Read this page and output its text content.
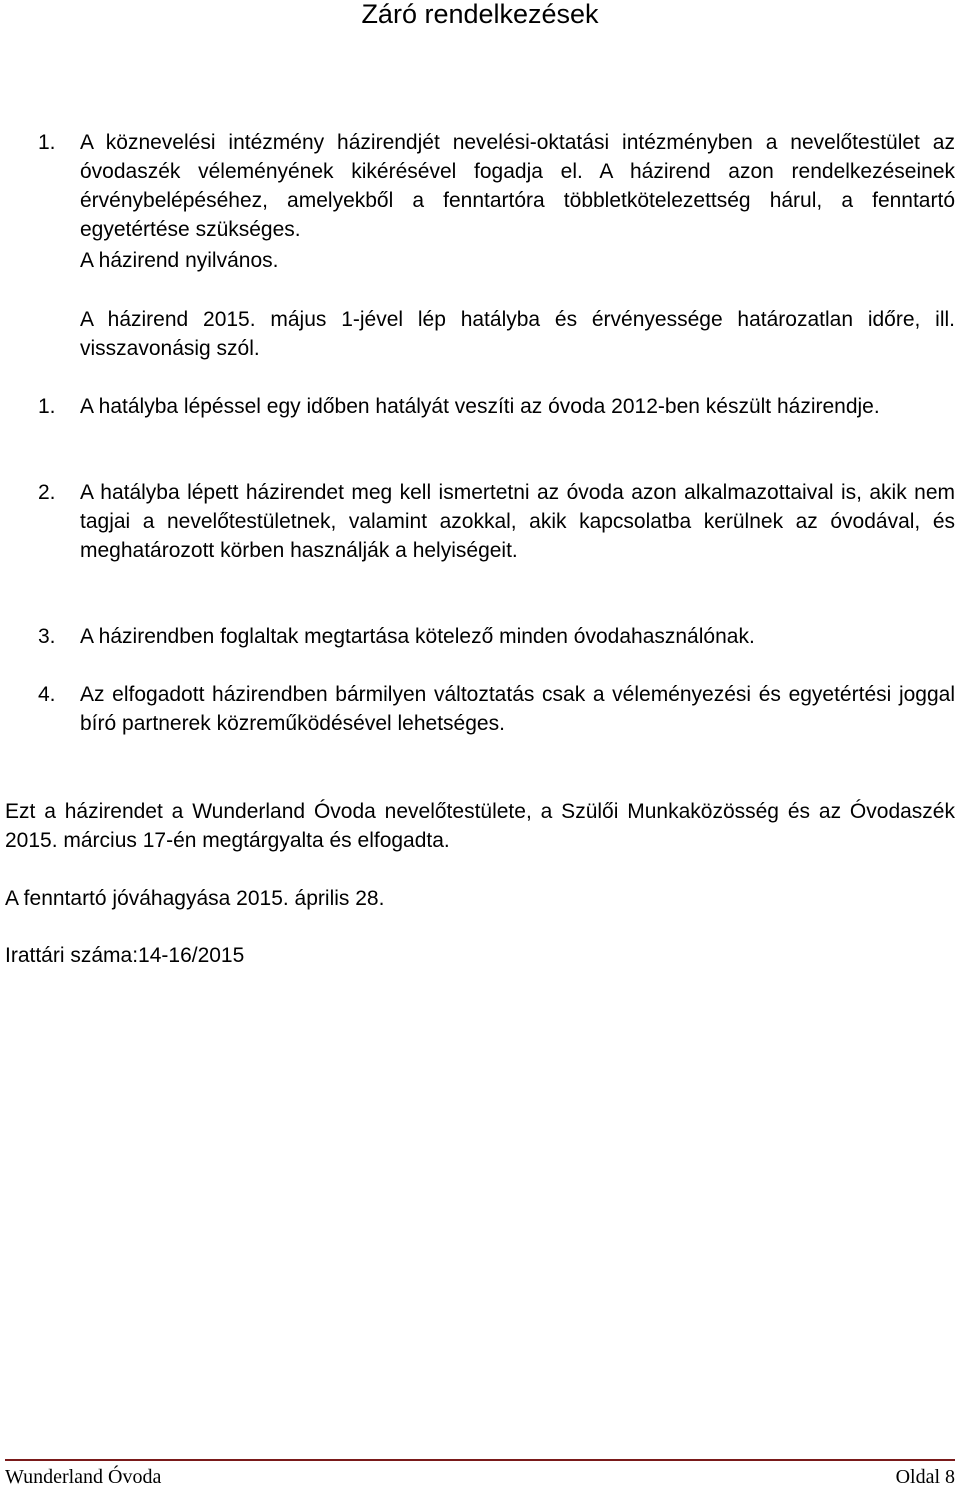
Záró rendelkezések
1.	A köznevelési intézmény házirendjét nevelési-oktatási intézményben a nevelőtestület az óvodaszék véleményének kikérésével fogadja el. A házirend azon rendelkezéseinek érvénybelépéséhez, amelyekből a fenntartóra többletkötelezettség hárul, a fenntartó egyetértése szükséges.

A házirend nyilvános.

A házirend 2015. május 1-jével lép hatályba és érvényessége határozatlan időre, ill. visszavonásig szól.

1.	A hatályba lépéssel egy időben hatályát veszíti az óvoda 2012-ben készült házirendje.
2.	A hatályba lépett házirendet meg kell ismertetni az óvoda azon alkalmazottaival is, akik nem tagjai a nevelőtestületnek, valamint azokkal, akik kapcsolatba kerülnek az óvodával, és meghatározott körben használják a helyiségeit.
3.	A házirendben foglaltak megtartása kötelező minden óvodahasználónak.
4.	Az elfogadott házirendben bármilyen változtatás csak a véleményezési és egyetértési joggal bíró partnerek közreműködésével lehetséges.

Ezt a házirendet a Wunderland Óvoda nevelőtestülete, a Szülői Munkaközösség és az Óvodaszék 2015. március 17-én megtárgyalta és elfogadta.

A fenntartó jóváhagyása 2015. április 28.

Irattári száma:14-16/2015

Wunderland Óvoda	Oldal 8
